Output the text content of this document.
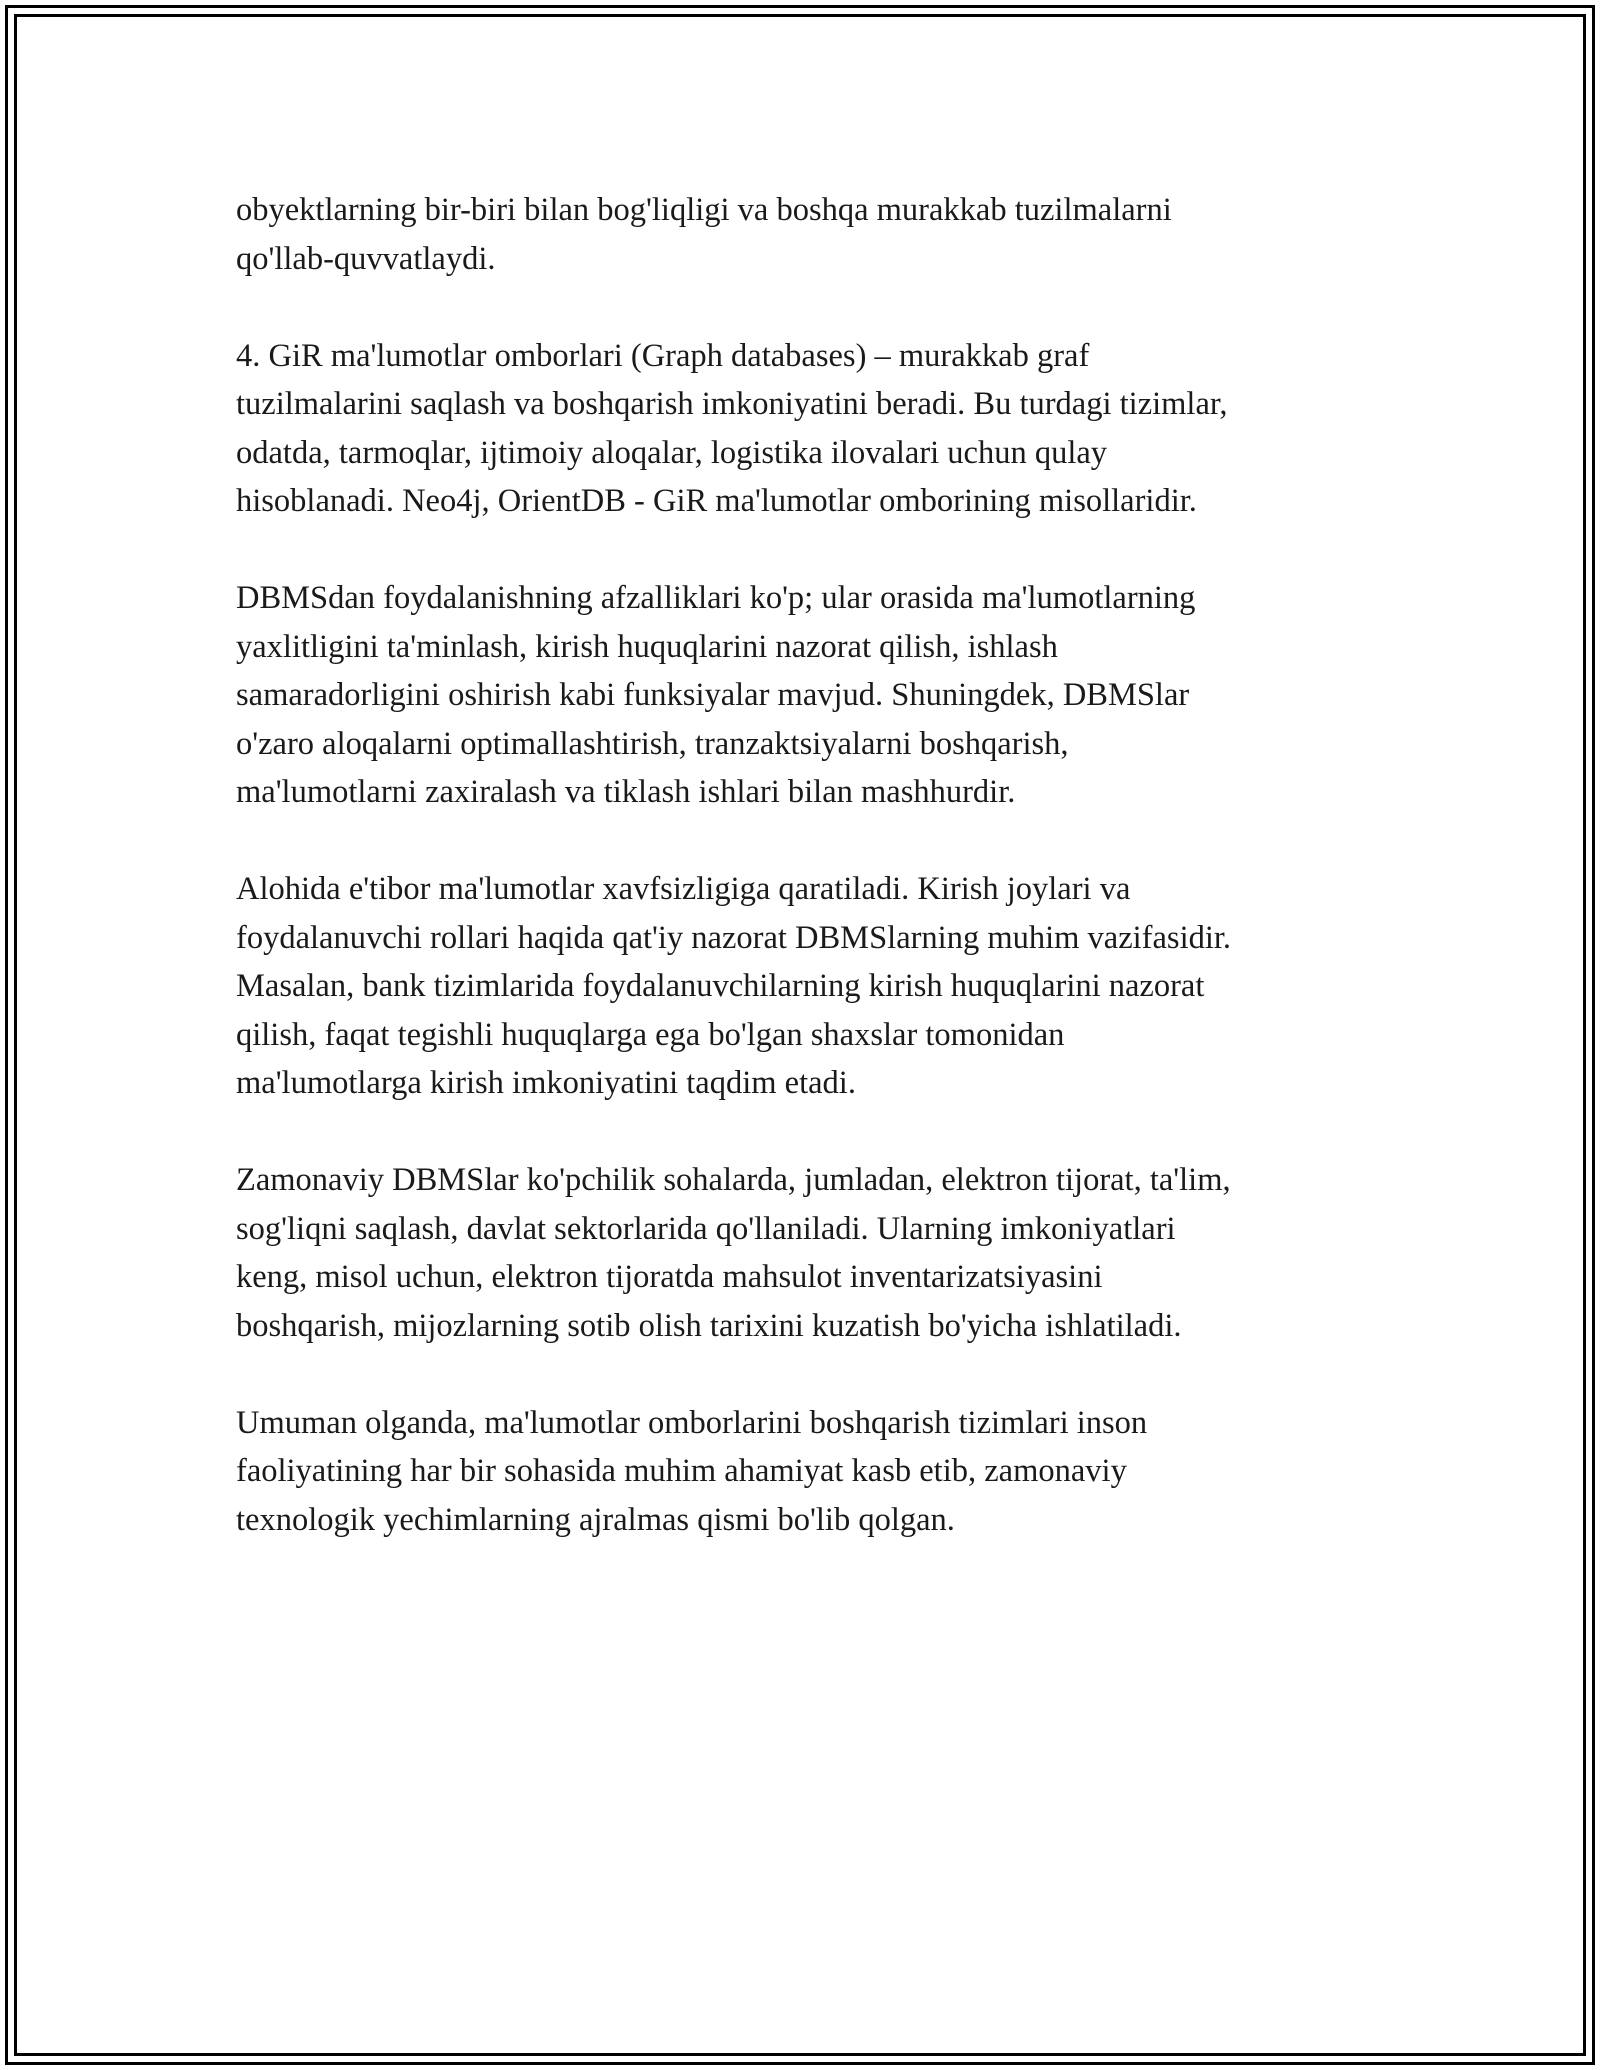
obyektlarning bir-biri bilan bog'liqligi va boshqa murakkab tuzilmalarni
qo'llab-quvvatlaydi.

4. GiR ma'lumotlar omborlari (Graph databases) – murakkab graf
tuzilmalarini saqlash va boshqarish imkoniyatini beradi. Bu turdagi tizimlar,
odatda, tarmoqlar, ijtimoiy aloqalar, logistika ilovalari uchun qulay
hisoblanadi. Neo4j, OrientDB - GiR ma'lumotlar omborining misollaridir.

DBMSdan foydalanishning afzalliklari ko'p; ular orasida ma'lumotlarning
yaxlitligini ta'minlash, kirish huquqlarini nazorat qilish, ishlash
samaradorligini oshirish kabi funksiyalar mavjud. Shuningdek, DBMSlar
o'zaro aloqalarni optimallashtirish, tranzaktsiyalarni boshqarish,
ma'lumotlarni zaxiralash va tiklash ishlari bilan mashhurdir.

Alohida e'tibor ma'lumotlar xavfsizligiga qaratiladi. Kirish joylari va
foydalanuvchi rollari haqida qat'iy nazorat DBMSlarning muhim vazifasidir.
Masalan, bank tizimlarida foydalanuvchilarning kirish huquqlarini nazorat
qilish, faqat tegishli huquqlarga ega bo'lgan shaxslar tomonidan
ma'lumotlarga kirish imkoniyatini taqdim etadi.

Zamonaviy DBMSlar ko'pchilik sohalarda, jumladan, elektron tijorat, ta'lim,
sog'liqni saqlash, davlat sektorlarida qo'llaniladi. Ularning imkoniyatlari
keng, misol uchun, elektron tijoratda mahsulot inventarizatsiyasini
boshqarish, mijozlarning sotib olish tarixini kuzatish bo'yicha ishlatiladi.

Umuman olganda, ma'lumotlar omborlarini boshqarish tizimlari inson
faoliyatining har bir sohasida muhim ahamiyat kasb etib, zamonaviy
texnologik yechimlarning ajralmas qismi bo'lib qolgan.
